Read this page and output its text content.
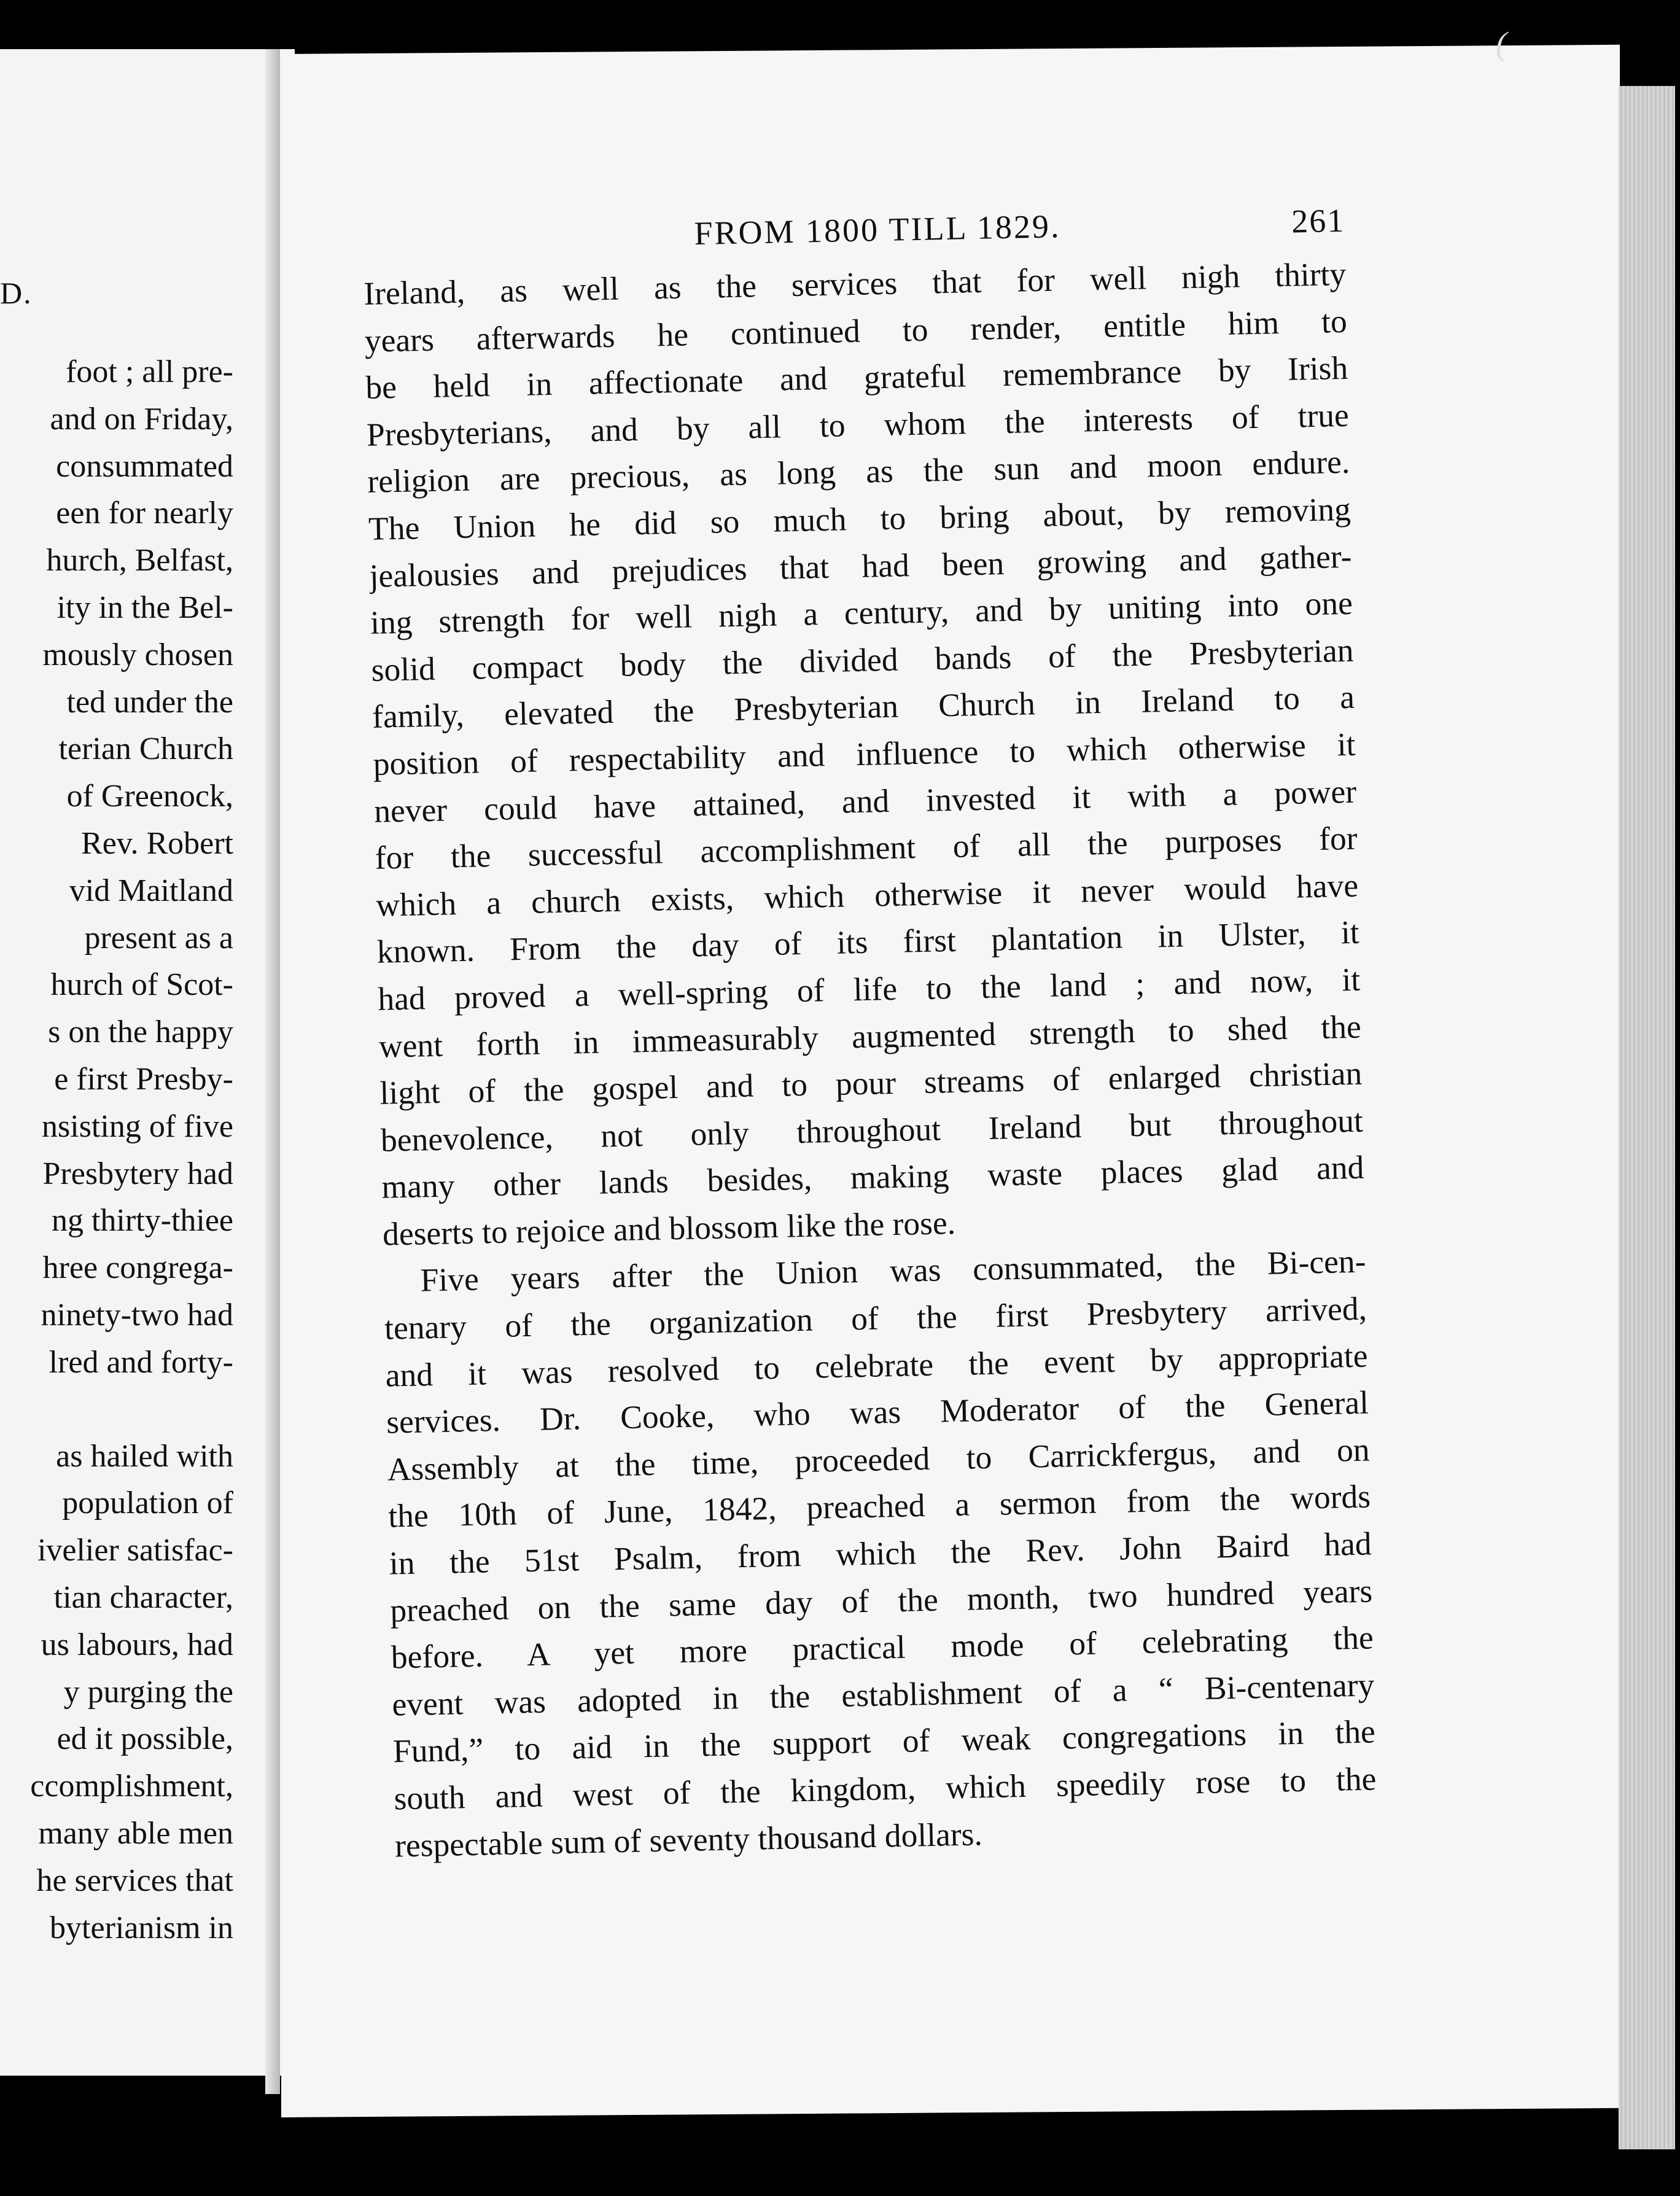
D.
foot ; all pre-
and on Friday,
consummated
een for nearly
hurch, Belfast,
ity in the Bel-
mously chosen
ted under the
terian Church
of Greenock,
Rev. Robert
vid Maitland
present as a
hurch of Scot-
s on the happy
e first Presby-
nsisting of five
Presbytery had
ng thirty-thiee
hree congrega-
ninety-two had
lred and forty-
as hailed with
population of
ivelier satisfac-
tian character,
us labours, had
y purging the
ed it possible,
ccomplishment,
many able men
he services that
byterianism in
(
FROM 1800 TILL 1829.	261
Ireland, as well as the services that for well nigh thirty
years afterwards he continued to render, entitle him to
be held in affectionate and grateful remembrance by Irish
Presbyterians, and by all to whom the interests of true
religion are precious, as long as the sun and moon endure.
The Union he did so much to bring about, by removing
jealousies and prejudices that had been growing and gather-
ing strength for well nigh a century, and by uniting into one
solid compact body the divided bands of the Presbyterian
family, elevated the Presbyterian Church in Ireland to a
position of respectability and influence to which otherwise it
never could have attained, and invested it with a power
for the successful accomplishment of all the purposes for
which a church exists, which otherwise it never would have
known. From the day of its first plantation in Ulster, it
had proved a well-spring of life to the land ; and now, it
went forth in immeasurably augmented strength to shed the
light of the gospel and to pour streams of enlarged christian
benevolence, not only throughout Ireland but throughout
many other lands besides, making waste places glad and
deserts to rejoice and blossom like the rose.
Five years after the Union was consummated, the Bi-cen-
tenary of the organization of the first Presbytery arrived,
and it was resolved to celebrate the event by appropriate
services. Dr. Cooke, who was Moderator of the General
Assembly at the time, proceeded to Carrickfergus, and on
the 10th of June, 1842, preached a sermon from the words
in the 51st Psalm, from which the Rev. John Baird had
preached on the same day of the month, two hundred years
before. A yet more practical mode of celebrating the
event was adopted in the establishment of a “ Bi-centenary
Fund,” to aid in the support of weak congregations in the
south and west of the kingdom, which speedily rose to the
respectable sum of seventy thousand dollars.
